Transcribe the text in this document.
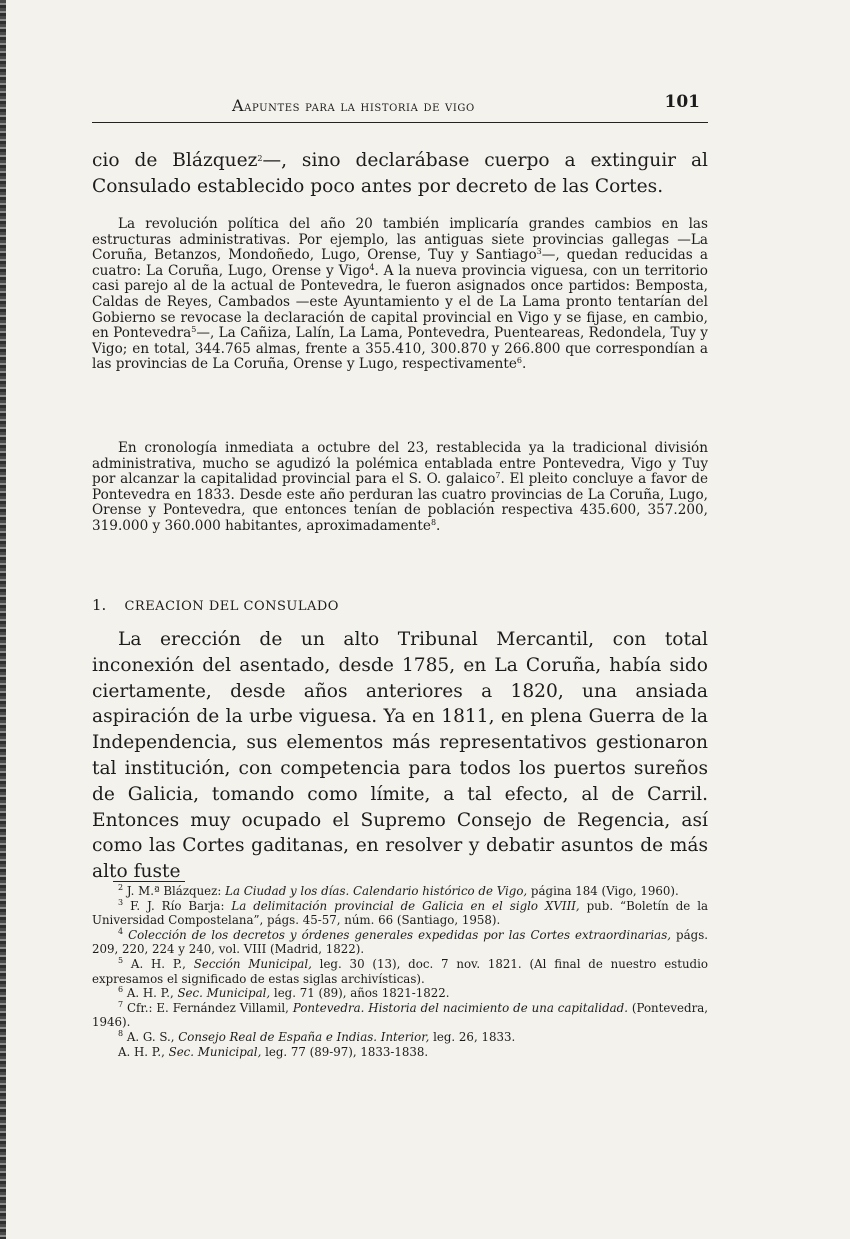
Aapuntes para la historia de vigo	101

cio de Blázquez$^2$—, sino declarábase cuerpo a extinguir al Consulado establecido poco antes por decreto de las Cortes.

La revolución política del año 20 también implicaría grandes cambios en las estructuras administrativas. Por ejemplo, las antiguas siete provincias gallegas —La Coruña, Betanzos, Mondoñedo, Lugo, Orense, Tuy y Santiago$^3$—, quedan reducidas a cuatro: La Coruña, Lugo, Orense y Vigo$^4$. A la nueva provincia viguesa, con un territorio casi parejo al de la actual de Pontevedra, le fueron asignados once partidos: Bemposta, Caldas de Reyes, Cambados —este Ayuntamiento y el de La Lama pronto tentarían del Gobierno se revocase la declaración de capital provincial en Vigo y se fijase, en cambio, en Pontevedra$^5$—, La Cañiza, Lalín, La Lama, Pontevedra, Puenteareas, Redondela, Tuy y Vigo; en total, 344.765 almas, frente a 355.410, 300.870 y 266.800 que correspondían a las provincias de La Coruña, Orense y Lugo, respectivamente$^6$.

En cronología inmediata a octubre del 23, restablecida ya la tradicional división administrativa, mucho se agudizó la polémica entablada entre Pontevedra, Vigo y Tuy por alcanzar la capitalidad provincial para el S. O. galaico$^7$. El pleito concluye a favor de Pontevedra en 1833. Desde este año perduran las cuatro provincias de La Coruña, Lugo, Orense y Pontevedra, que entonces tenían de población respectiva 435.600, 357.200, 319.000 y 360.000 habitantes, aproximadamente$^8$.

1. CREACION DEL CONSULADO

La erección de un alto Tribunal Mercantil, con total inconexión del asentado, desde 1785, en La Coruña, había sido ciertamente, desde años anteriores a 1820, una ansiada aspiración de la urbe viguesa. Ya en 1811, en plena Guerra de la Independencia, sus elementos más representativos gestionaron tal institución, con competencia para todos los puertos sureños de Galicia, tomando como límite, a tal efecto, al de Carril. Entonces muy ocupado el Supremo Consejo de Regencia, así como las Cortes gaditanas, en resolver y debatir asuntos de más alto fuste

$^2$ J. M.ª Blázquez: La Ciudad y los días. Calendario histórico de Vigo, página 184 (Vigo, 1960).

$^3$ F. J. Río Barja: La delimitación provincial de Galicia en el siglo XVIII, pub. “Boletín de la Universidad Compostelana”, págs. 45-57, núm. 66 (Santiago, 1958).

$^4$ Colección de los decretos y órdenes generales expedidas por las Cortes extraordinarias, págs. 209, 220, 224 y 240, vol. VIII (Madrid, 1822).

$^5$ A. H. P., Sección Municipal, leg. 30 (13), doc. 7 nov. 1821. (Al final de nuestro estudio expresamos el significado de estas siglas archivísticas).

$^6$ A. H. P., Sec. Municipal, leg. 71 (89), años 1821-1822.

$^7$ Cfr.: E. Fernández Villamil, Pontevedra. Historia del nacimiento de una capitalidad. (Pontevedra, 1946).

$^8$ A. G. S., Consejo Real de España e Indias. Interior, leg. 26, 1833.

A. H. P., Sec. Municipal, leg. 77 (89-97), 1833-1838.
